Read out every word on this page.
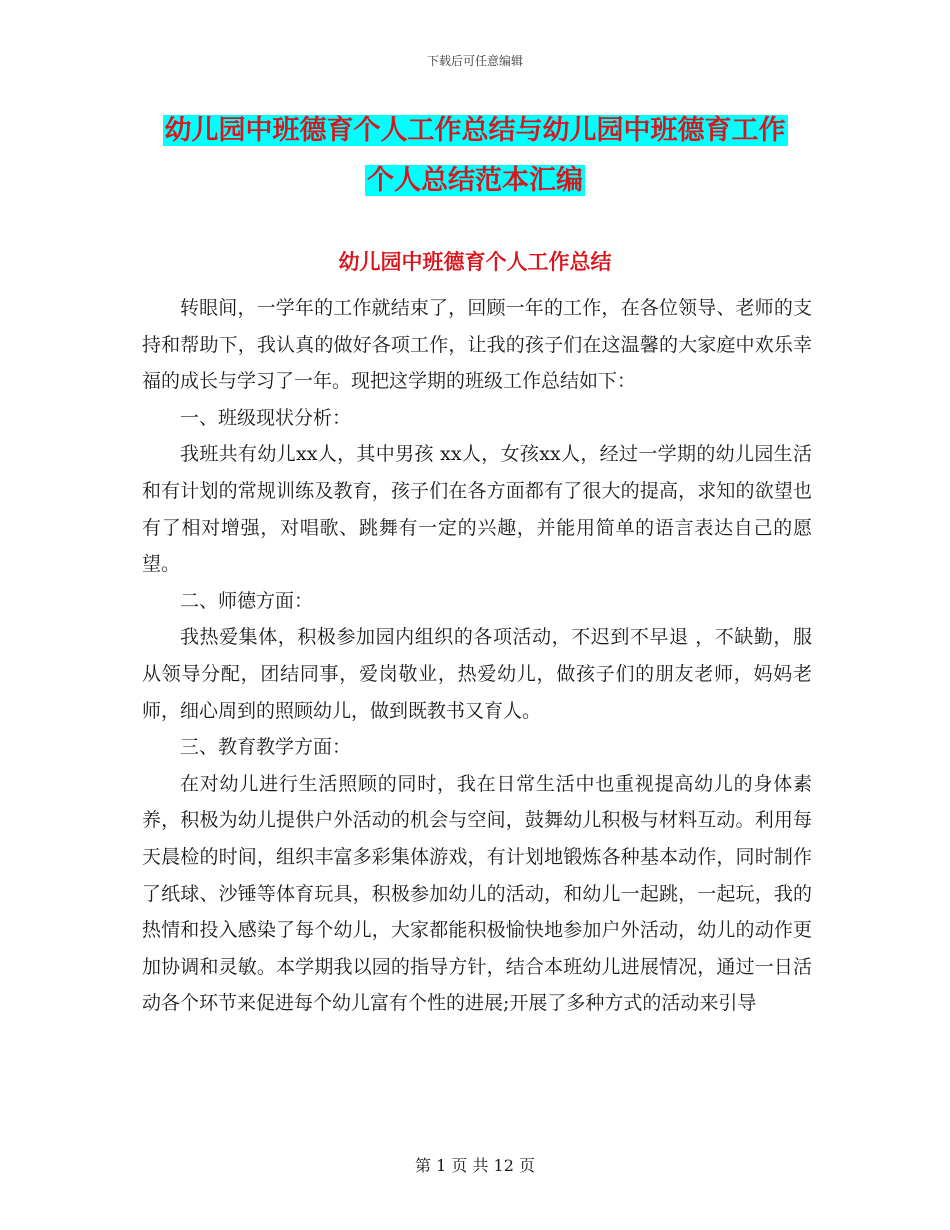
下载后可任意编辑
幼儿园中班德育个人工作总结与幼儿园中班德育工作
个人总结范本汇编
幼儿园中班德育个人工作总结

转眼间，一学年的工作就结束了，回顾一年的工作，在各位领导、老师的支持和帮助下，我认真的做好各项工作，让我的孩子们在这温馨的大家庭中欢乐幸福的成长与学习了一年。现把这学期的班级工作总结如下：

一、班级现状分析：

我班共有幼儿xx人，其中男孩 xx人，女孩xx人，经过一学期的幼儿园生活和有计划的常规训练及教育，孩子们在各方面都有了很大的提高，求知的欲望也有了相对增强，对唱歌、跳舞有一定的兴趣，并能用简单的语言表达自己的愿望。

二、师德方面：

我热爱集体，积极参加园内组织的各项活动，不迟到不早退 ，不缺勤，服从领导分配，团结同事，爱岗敬业，热爱幼儿，做孩子们的朋友老师，妈妈老师，细心周到的照顾幼儿，做到既教书又育人。

三、教育教学方面：

在对幼儿进行生活照顾的同时，我在日常生活中也重视提高幼儿的身体素养，积极为幼儿提供户外活动的机会与空间，鼓舞幼儿积极与材料互动。利用每天晨检的时间，组织丰富多彩集体游戏，有计划地锻炼各种基本动作，同时制作了纸球、沙锤等体育玩具，积极参加幼儿的活动，和幼儿一起跳，一起玩，我的热情和投入感染了每个幼儿，大家都能积极愉快地参加户外活动，幼儿的动作更加协调和灵敏。本学期我以园的指导方针，结合本班幼儿进展情况，通过一日活动各个环节来促进每个幼儿富有个性的进展;开展了多种方式的活动来引导

第 1 页 共 12 页
